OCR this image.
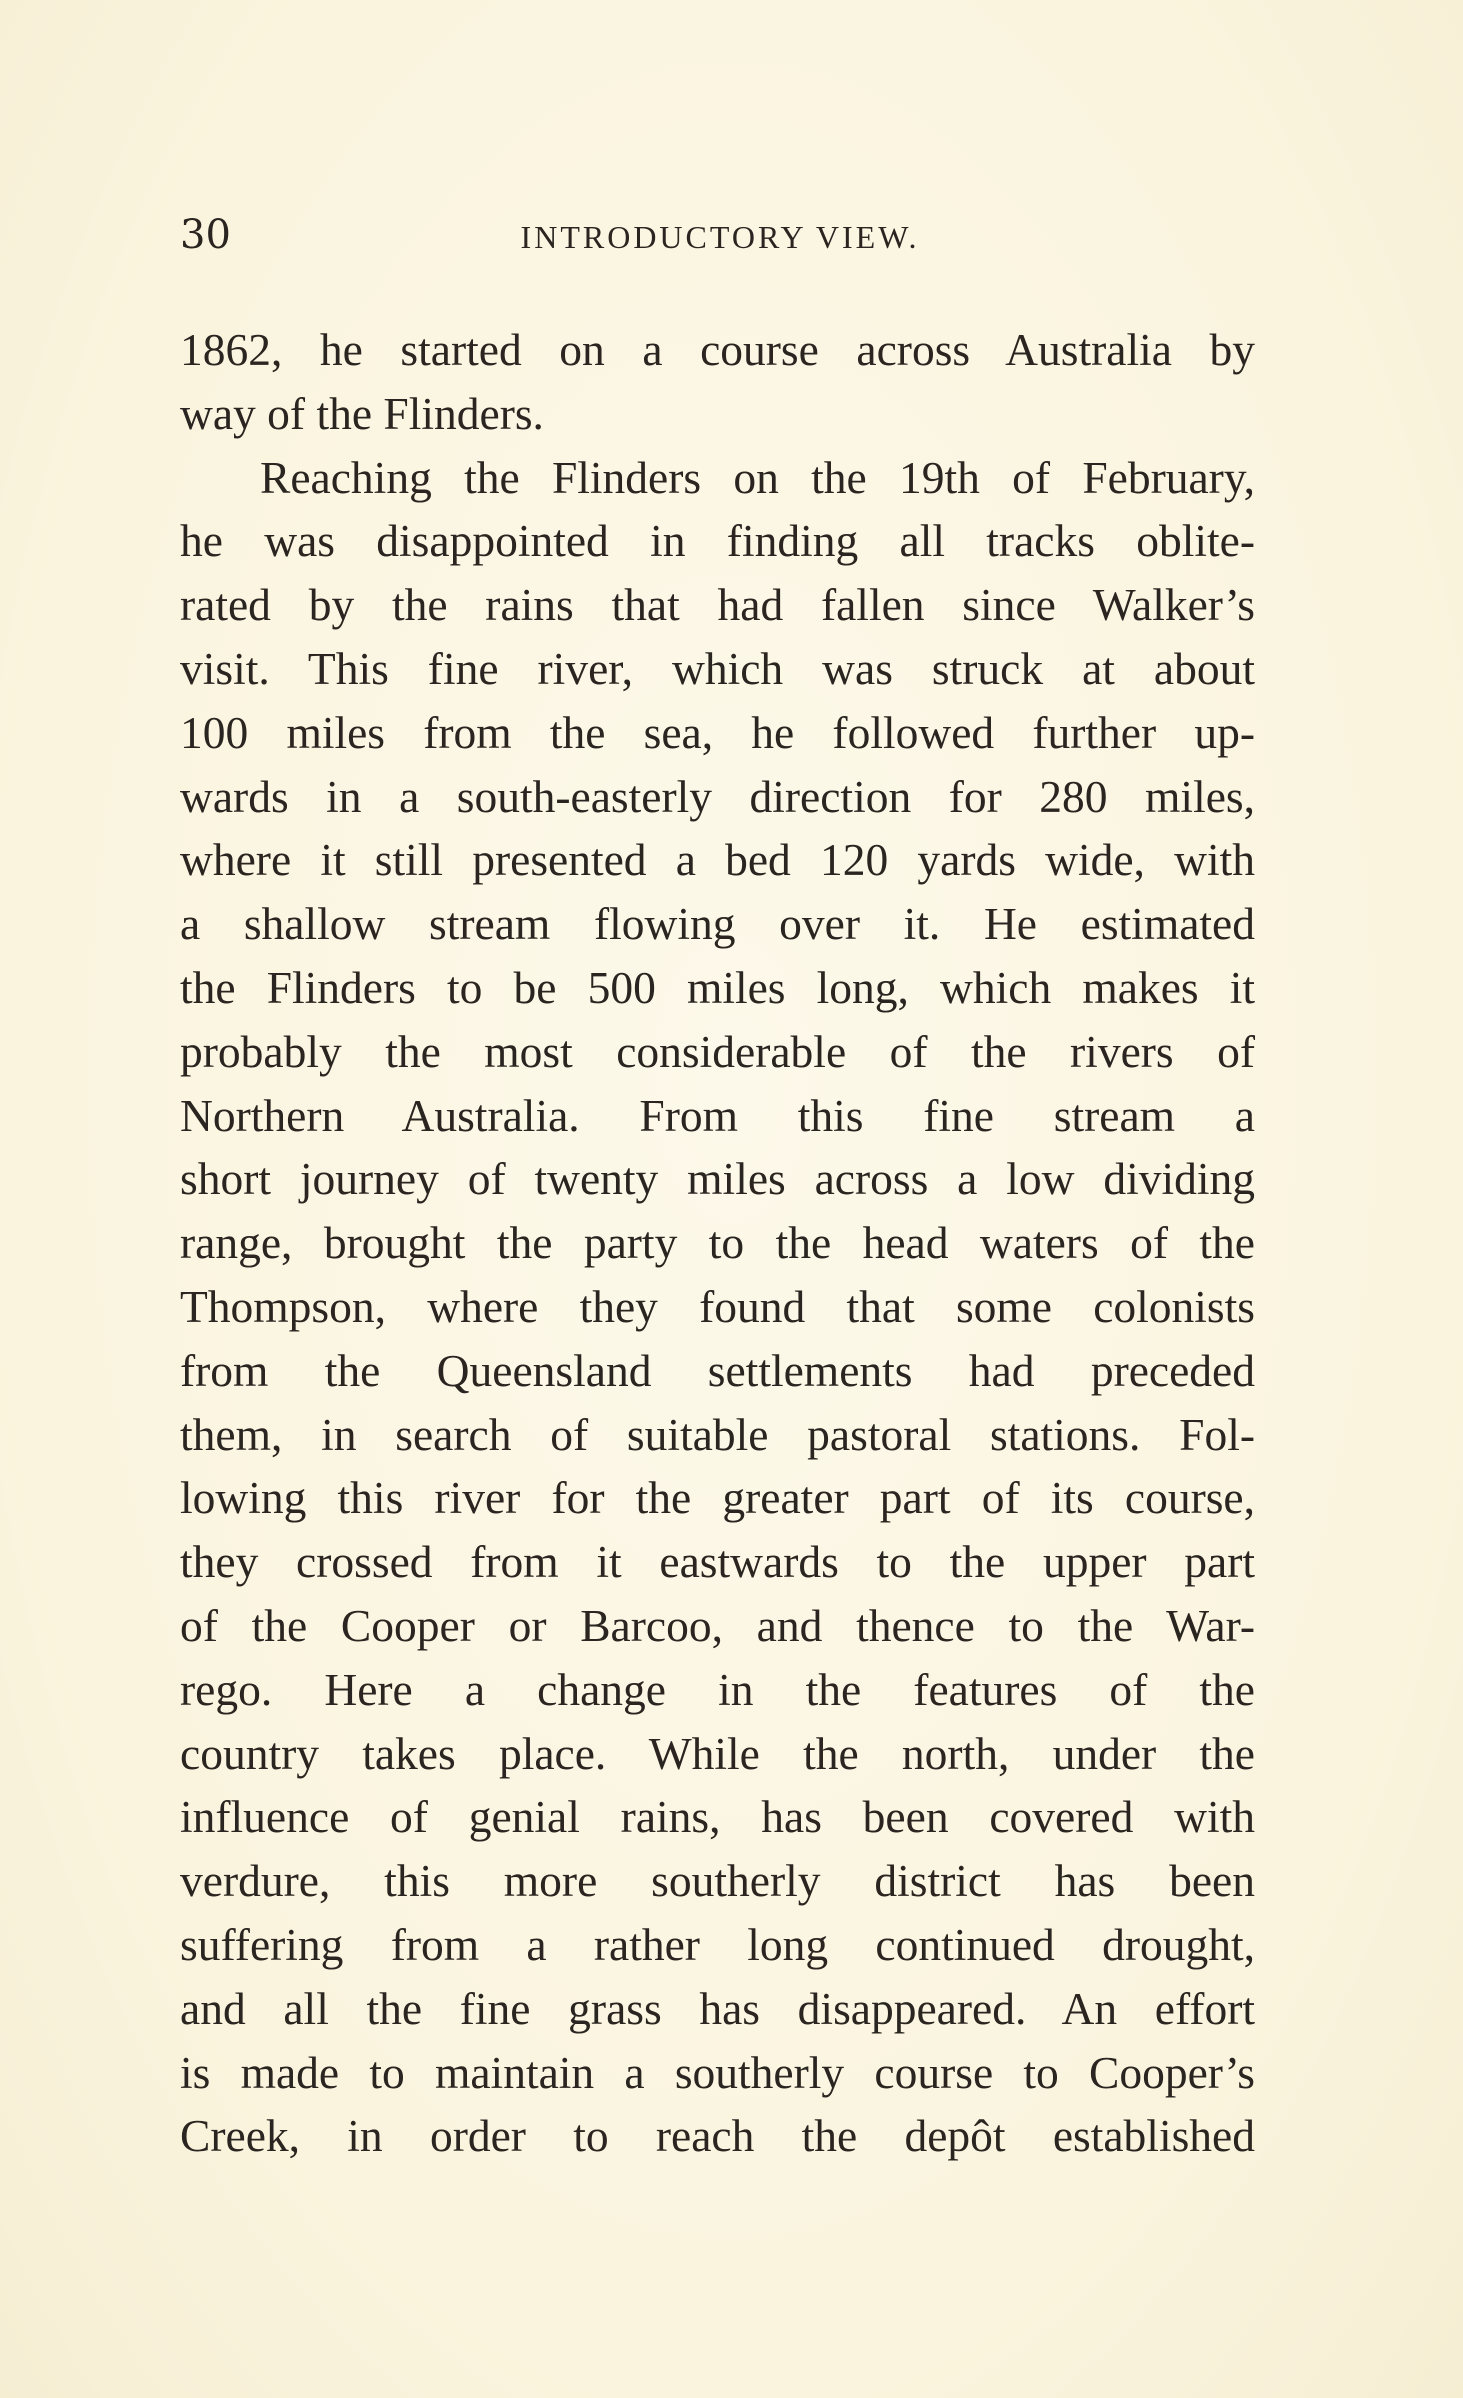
30	INTRODUCTORY VIEW.
1862, he started on a course across Australia by
way of the Flinders.
Reaching the Flinders on the 19th of February,
he was disappointed in finding all tracks oblite-
rated by the rains that had fallen since Walker’s
visit. This fine river, which was struck at about
100 miles from the sea, he followed further up-
wards in a south-easterly direction for 280 miles,
where it still presented a bed 120 yards wide, with
a shallow stream flowing over it. He estimated
the Flinders to be 500 miles long, which makes it
probably the most considerable of the rivers of
Northern Australia. From this fine stream a
short journey of twenty miles across a low dividing
range, brought the party to the head waters of the
Thompson, where they found that some colonists
from the Queensland settlements had preceded
them, in search of suitable pastoral stations. Fol-
lowing this river for the greater part of its course,
they crossed from it eastwards to the upper part
of the Cooper or Barcoo, and thence to the War-
rego. Here a change in the features of the
country takes place. While the north, under the
influence of genial rains, has been covered with
verdure, this more southerly district has been
suffering from a rather long continued drought,
and all the fine grass has disappeared. An effort
is made to maintain a southerly course to Cooper’s
Creek, in order to reach the depôt established
